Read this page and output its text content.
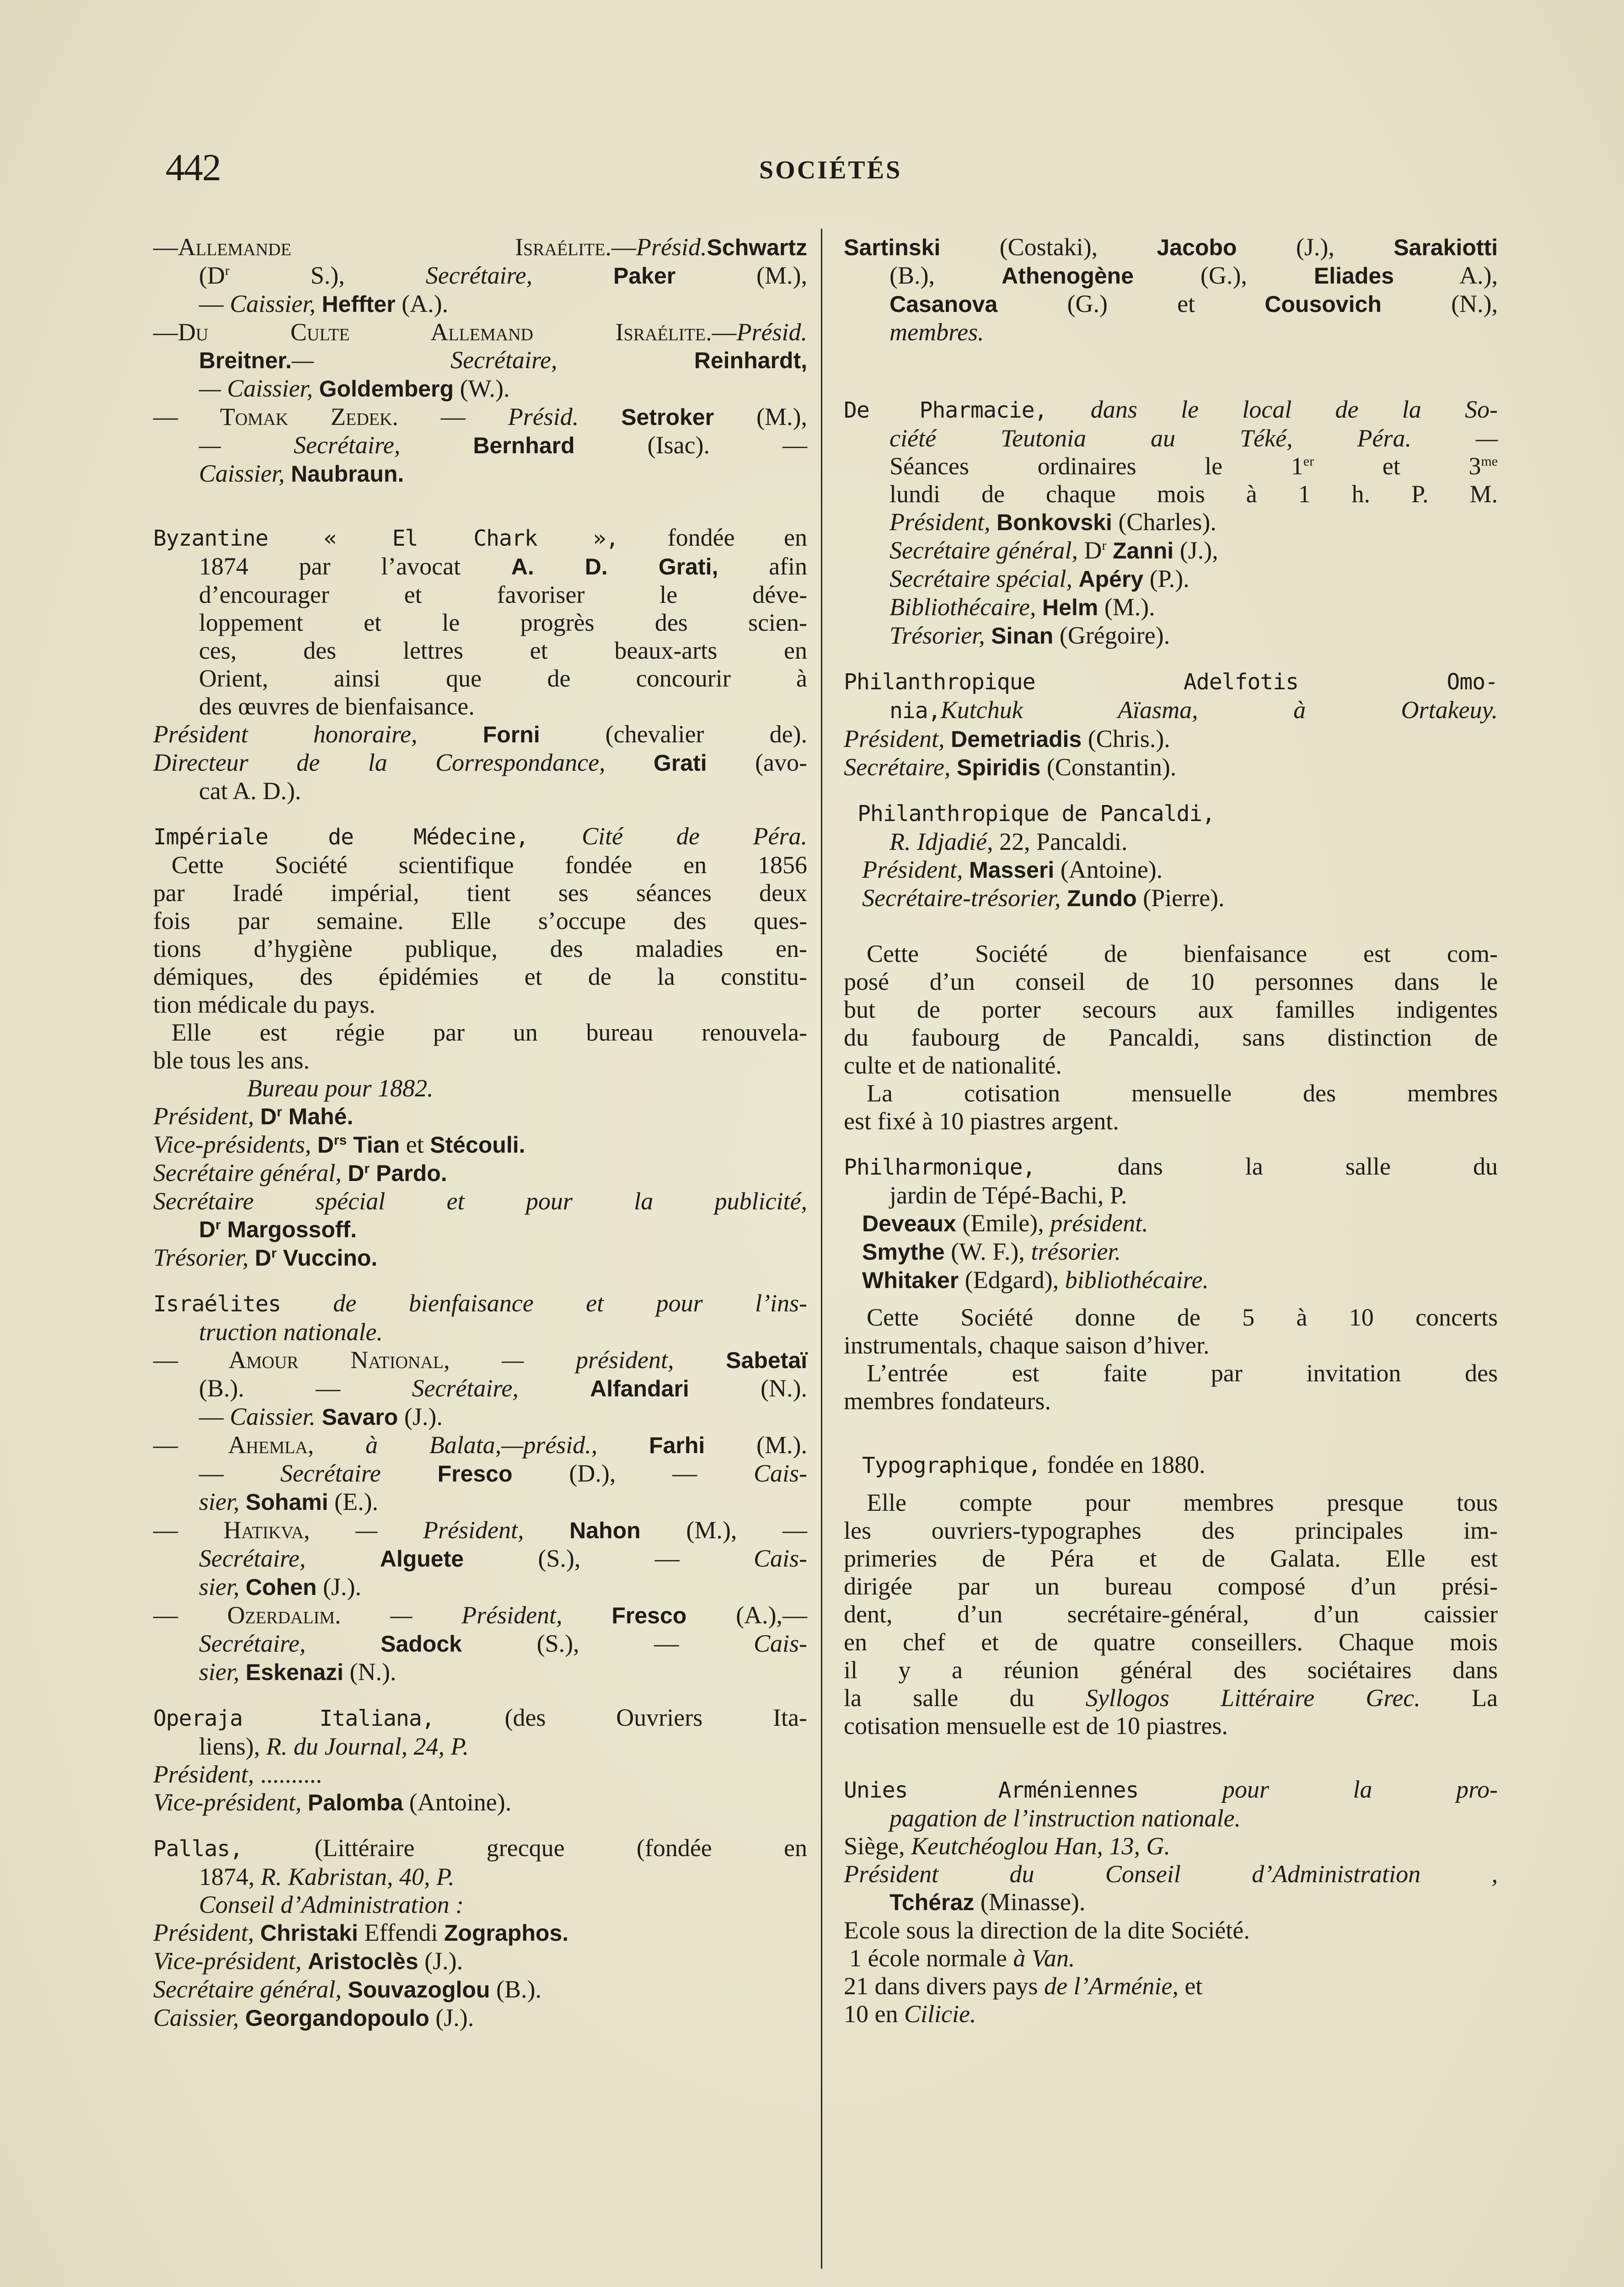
442	SOCIÉTÉS
—Allemande Israélite.—Présid.Schwartz
($D^r$ S.),	Secrétaire,	Paker	(M.),
— Caissier, Heffter (A.).
—Du Culte Allemand Israélite.—Présid.
Breitner.— Secrétaire,	Reinhardt,
— Caissier, Goldemberg (W.).
— Tomak Zedek. — Présid. Setroker (M.),
— Secrétaire,	Bernhard	(Isac). —
Caissier, Naubraun.
Byzantine « El Chark », fondée en
1874 par l’avocat A. D. Grati, afin
d’encourager et favoriser le déve-
loppement et le progrès des scien-
ces, des lettres et beaux-arts en
Orient, ainsi que de concourir à
des œuvres de bienfaisance.
Président honoraire,	Forni	(chevalier de).
Directeur de la Correspondance, Grati (avo-
cat A. D.).
Impériale de Médecine, Cité de Péra.
Cette Société scientifique fondée en 1856
par Iradé impérial, tient ses séances deux
fois par semaine. Elle s’occupe des ques-
tions d’hygiène publique, des maladies en-
démiques, des épidémies et de la constitu-
tion médicale du pays.
Elle est régie par un bureau renouvela-
ble tous les ans.
Bureau pour 1882.
Président, $D^r$ Mahé.
Vice-présidents, $D^{rs}$ Tian et Stécouli.
Secrétaire général, $D^r$ Pardo.
Secrétaire spécial et pour la publicité,
$D^r$ Margossoff.
Trésorier, $D^r$ Vuccino.
Israélites de bienfaisance et pour l’ins-
truction nationale.
— Amour National, — président, Sabetaï
(B.). —	Secrétaire,	Alfandari	(N.).
— Caissier. Savaro (J.).
— Ahemla, à Balata,—présid., Farhi (M.).
— Secrétaire Fresco (D.), — Cais-
sier, Sohami (E.).
— Hatikva, — Président, Nahon (M.), —
Secrétaire,	Alguete	(S.), —	Cais-
sier, Cohen (J.).
— Ozerdalim. — Président, Fresco (A.),—
Secrétaire,	Sadock	(S.), —	Cais-
sier, Eskenazi (N.).
Operaja Italiana,	(des Ouvriers Ita-
liens), R. du Journal, 24, P.
Président, ..........
Vice-président, Palomba (Antoine).
Pallas,	(Littéraire grecque (fondée en
1874, R. Kabristan, 40, P.
Conseil d’Administration :
Président, Christaki Effendi Zographos.
Vice-président, Aristoclès (J.).
Secrétaire général, Souvazoglou (B.).
Caissier, Georgandopoulo (J.).
Sartinski (Costaki),	Jacobo (J.),	Sarakiotti
(B.),	Athenogène	(G.),	Eliades	A.),
Casanova	(G.) et	Cousovich	(N.),
membres.
De Pharmacie, dans le local de la So-
ciété Teutonia au Téké, Péra. —
Séances ordinaires le 1er et $3^{me}$
lundi de chaque mois à 1 h. P. M.
Président, Bonkovski (Charles).
Secrétaire général, $D^r$ Zanni (J.),
Secrétaire spécial, Apéry (P.).
Bibliothécaire, Helm (M.).
Trésorier, Sinan (Grégoire).
Philanthropique Adelfotis Omo-
nia,Kutchuk Aïasma, à Ortakeuy.
Président, Demetriadis (Chris.).
Secrétaire, Spiridis (Constantin).
Philanthropique de Pancaldi,
R. Idjadié, 22, Pancaldi.
Président, Masseri (Antoine).
Secrétaire-trésorier, Zundo (Pierre).
Cette Société de bienfaisance est com-
posé d’un conseil de 10 personnes dans le
but de porter secours aux familles indigentes
du faubourg de Pancaldi, sans distinction de
culte et de nationalité.
La cotisation mensuelle des membres
est fixé à 10 piastres argent.
Philharmonique,	dans la salle du
jardin de Tépé-Bachi, P.
Deveaux (Emile), président.
Smythe (W. F.), trésorier.
Whitaker (Edgard), bibliothécaire.
Cette Société donne de 5 à 10 concerts
instrumentals, chaque saison d’hiver.
L’entrée est faite par invitation des
membres fondateurs.
Typographique, fondée en 1880.
Elle compte pour membres presque tous
les ouvriers-typographes des principales im-
primeries de Péra et de Galata. Elle est
dirigée par un bureau composé d’un prési-
dent, d’un secrétaire-général, d’un caissier
en chef et de quatre conseillers. Chaque mois
il y a réunion général des sociétaires dans
la salle du Syllogos Littéraire Grec. La
cotisation mensuelle est de 10 piastres.
Unies Arméniennes	pour la pro-
pagation de l’instruction nationale.
Siège, Keutchéoglou Han, 13, G.
Président du Conseil d’Administration ,
Tchéraz (Minasse).
Ecole sous la direction de la dite Société.
1 école normale à Van.
21 dans divers pays de l’Arménie, et
10 en Cilicie.
